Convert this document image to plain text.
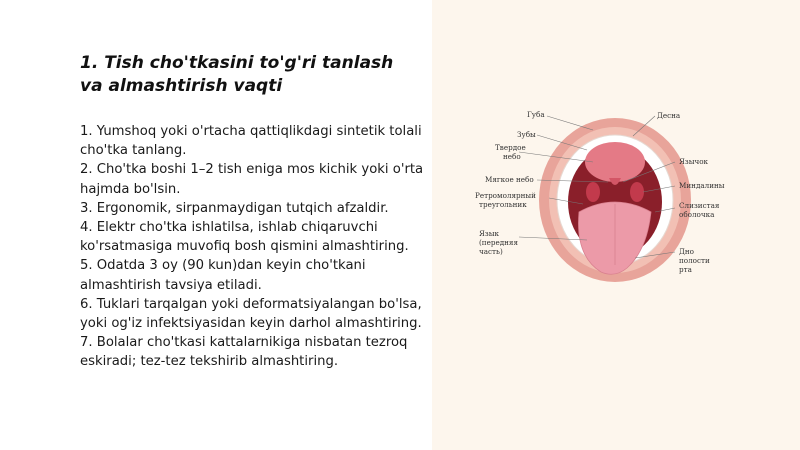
1. Tish cho'tkasini to'g'ri tanlash va almashtirish vaqti
1. Yumshoq yoki o'rtacha qattiqlikdagi sintetik tolali cho'tka tanlang.
2. Cho'tka boshi 1–2 tish eniga mos kichik yoki o'rta hajmda bo'lsin.
3. Ergonomik, sirpanmaydigan tutqich afzaldir.
4. Elektr cho'tka ishlatilsa, ishlab chiqaruvchi ko'rsatmasiga muvofiq bosh qismini almashtiring.
5. Odatda 3 oy (90 kun)dan keyin cho'tkani almashtirish tavsiya etiladi.
6. Tuklari tarqalgan yoki deformatsiyalangan bo'lsa, yoki og'iz infektsiyasidan keyin darhol almashtiring.
7. Bolalar cho'tkasi kattalarnikiga nisbatan tezroq eskiradi; tez-tez tekshirib almashtiring.
Губа
Зубы
Твердое
небо
Мягкое небо
Ретромолярный
треугольник
Язык
(передняя
часть)
Десна
Язычок
Миндалины
Слизистая
оболочка
Дно
полости
рта
